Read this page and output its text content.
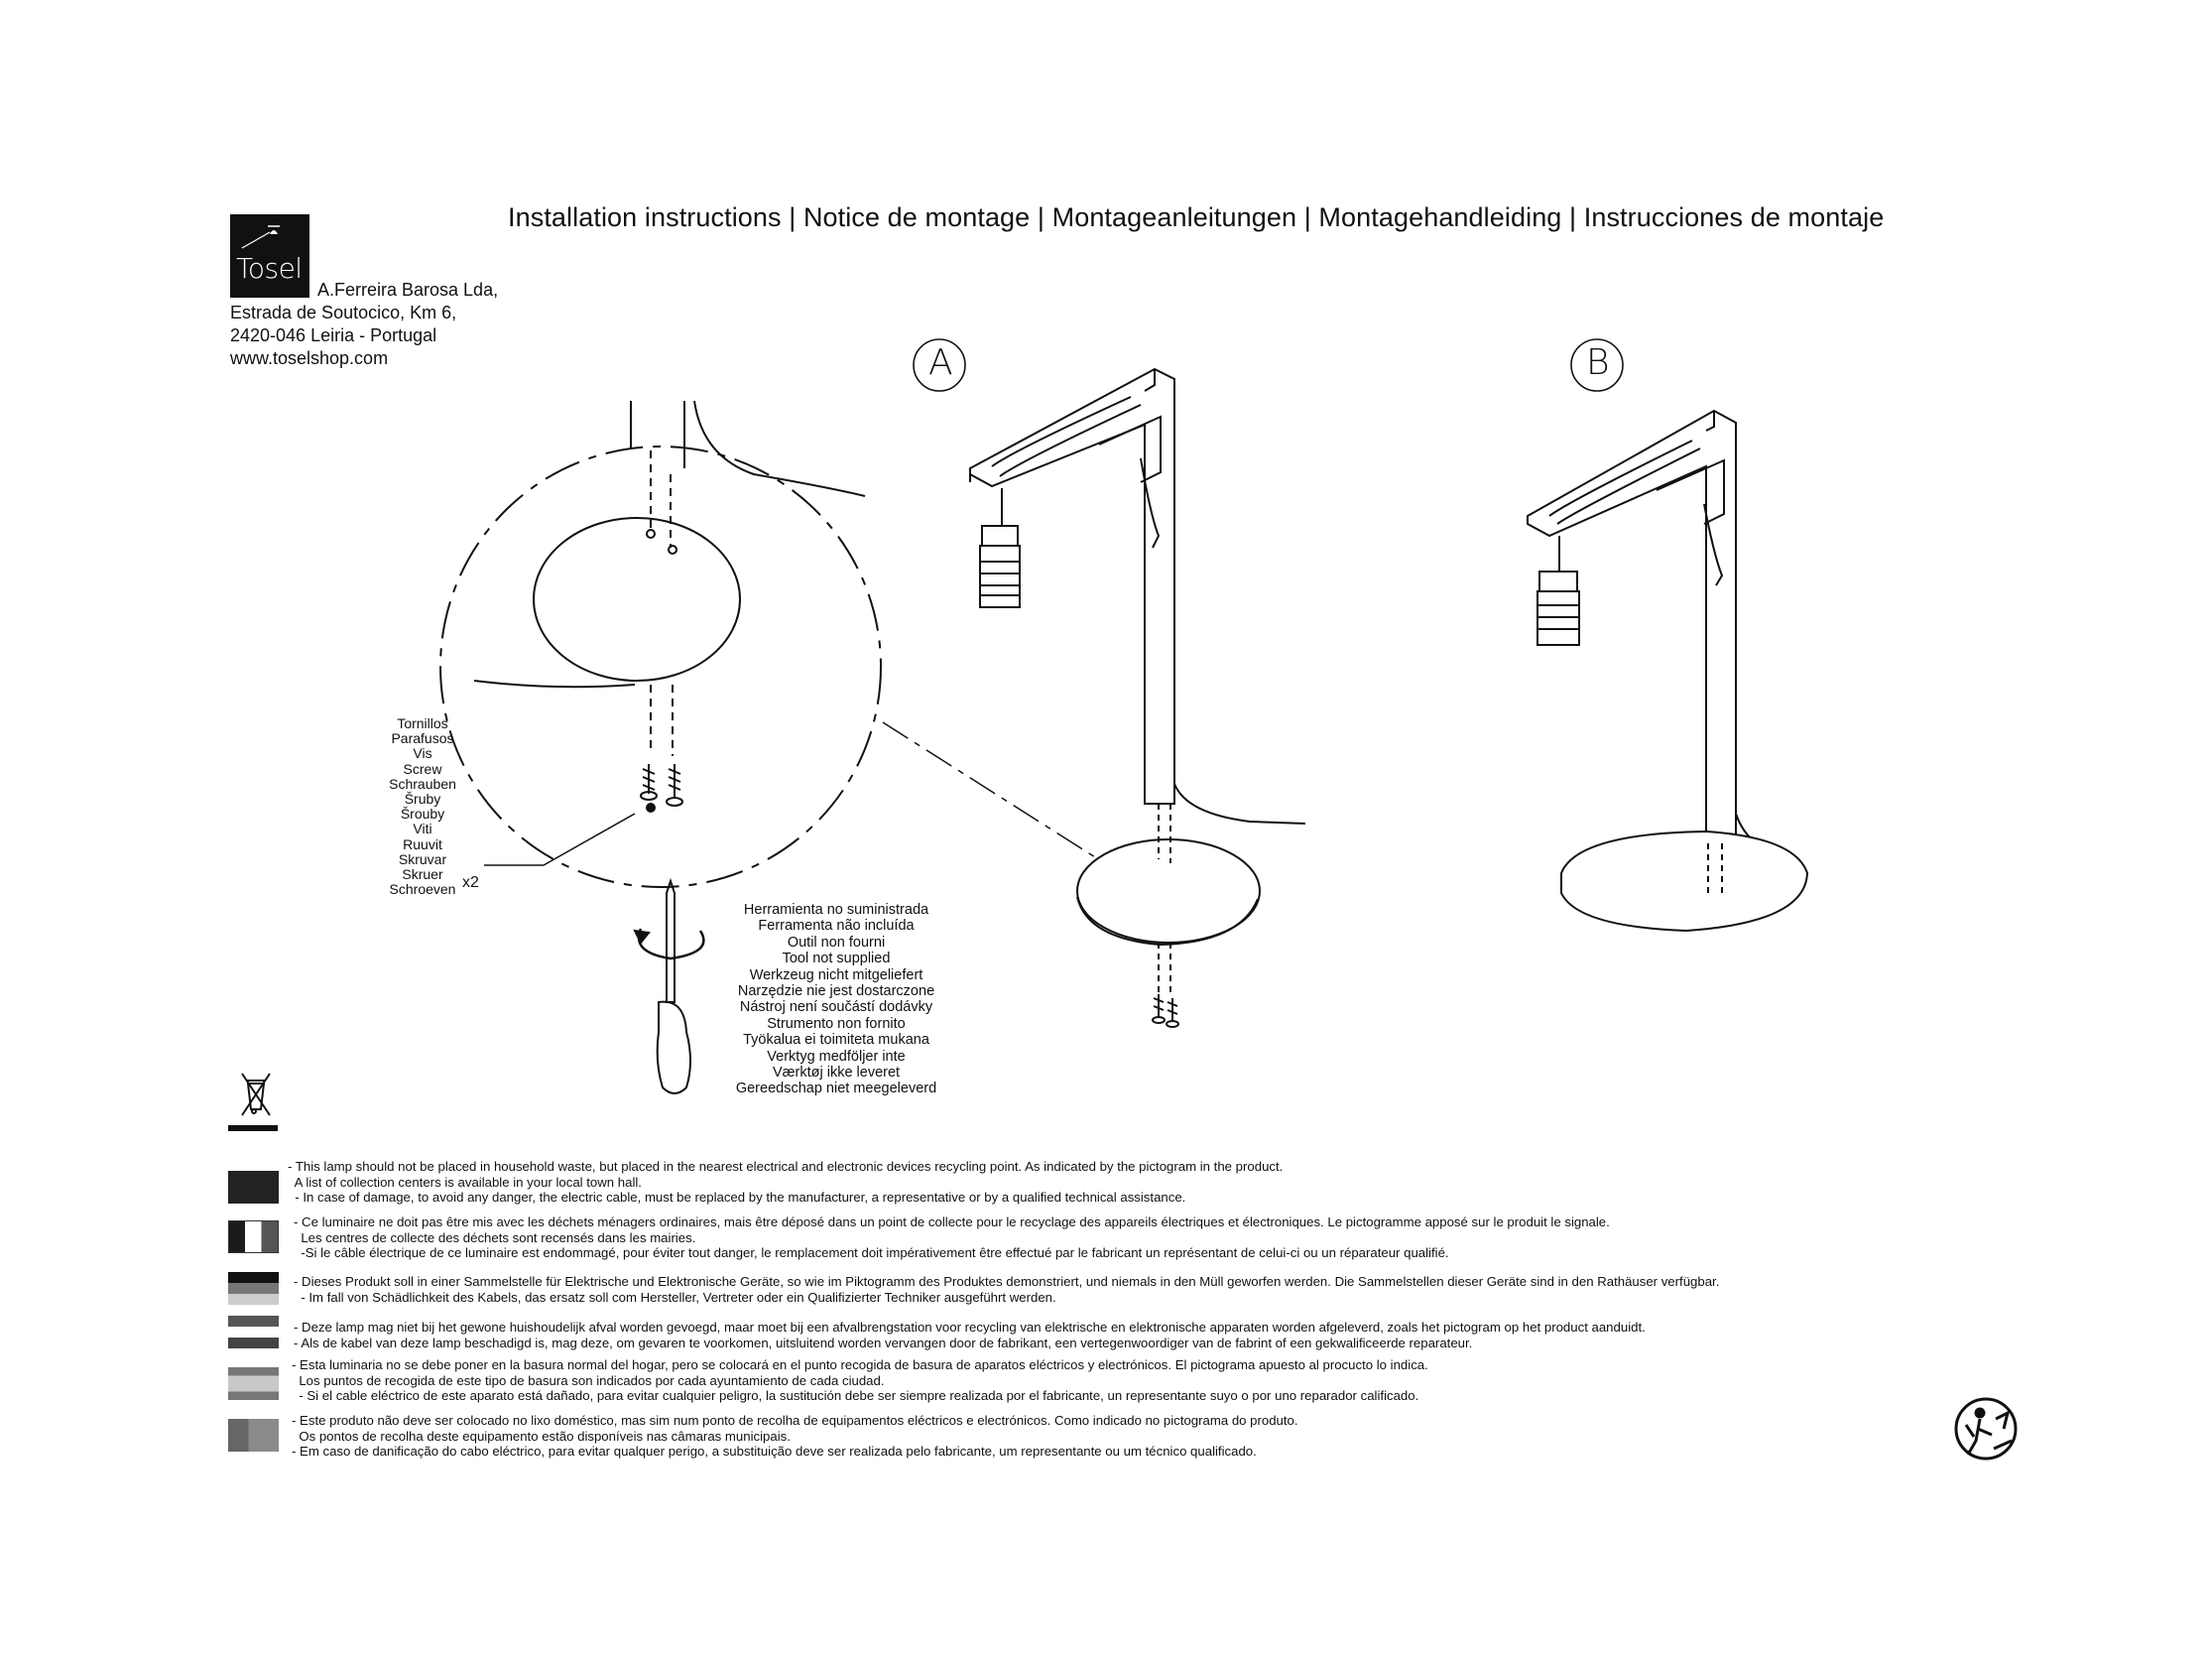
Installation instructions | Notice de montage | Montageanleitungen | Montagehandleiding | Instrucciones de montaje
Tosel
A.Ferreira Barosa Lda,
Estrada de Soutocico, Km 6,
2420-046 Leiria - Portugal
www.toselshop.com	A	B
Tornillos
Parafusos
Vis
Screw
Schrauben
Šruby
Šrouby
Viti
Ruuvit
Skruvar
Skruer
Schroeven x2
Herramienta no suministrada
Ferramenta não incluída
Outil non fourni
Tool not supplied
Werkzeug nicht mitgeliefert
Narzędzie nie jest dostarczone
Nástroj není součástí dodávky
Strumento non fornito
Työkalua ei toimiteta mukana
Verktyg medföljer inte
Værktøj ikke leveret
Gereedschap niet meegeleverd
- This lamp should not be placed in household waste, but placed in the nearest electrical and electronic devices recycling point. As indicated by the pictogram in the product.
A list of collection centers is available in your local town hall.
- In case of damage, to avoid any danger, the electric cable, must be replaced by the manufacturer, a representative or by a qualified technical assistance.
- Ce luminaire ne doit pas être mis avec les déchets ménagers ordinaires, mais être déposé dans un point de collecte pour le recyclage des appareils électriques et électroniques. Le pictogramme apposé sur le produit le signale.
Les centres de collecte des déchets sont recensés dans les mairies.
-Si le câble électrique de ce luminaire est endommagé, pour éviter tout danger, le remplacement doit impérativement être effectué par le fabricant un représentant de celui-ci ou un réparateur qualifié.
- Dieses Produkt soll in einer Sammelstelle für Elektrische und Elektronische Geräte, so wie im Piktogramm des Produktes demonstriert, und niemals in den Müll geworfen werden. Die Sammelstellen dieser Geräte sind in den Rathäuser verfügbar.
- Im fall von Schädlichkeit des Kabels, das ersatz soll com Hersteller, Vertreter oder ein Qualifizierter Techniker ausgeführt werden.
- Deze lamp mag niet bij het gewone huishoudelijk afval worden gevoegd, maar moet bij een afvalbrengstation voor recycling van elektrische en elektronische apparaten worden afgeleverd, zoals het pictogram op het product aanduidt.
- Als de kabel van deze lamp beschadigd is, mag deze, om gevaren te voorkomen, uitsluitend worden vervangen door de fabrikant, een vertegenwoordiger van de fabrint of een gekwalificeerde reparateur.
- Esta luminaria no se debe poner en la basura normal del hogar, pero se colocará en el punto recogida de basura de aparatos eléctricos y electrónicos. El pictograma apuesto al procucto lo indica.
Los puntos de recogida de este tipo de basura son indicados por cada ayuntamiento de cada ciudad.
- Si el cable eléctrico de este aparato está dañado, para evitar cualquier peligro, la sustitución debe ser siempre realizada por el fabricante, un representante suyo o por uno reparador calificado.
- Este produto não deve ser colocado no lixo doméstico, mas sim num ponto de recolha de equipamentos eléctricos e electrónicos. Como indicado no pictograma do produto.
Os pontos de recolha deste equipamento estão disponíveis nas câmaras municipais.
- Em caso de danificação do cabo eléctrico, para evitar qualquer perigo, a substituição deve ser realizada pelo fabricante, um representante ou um técnico qualificado.
